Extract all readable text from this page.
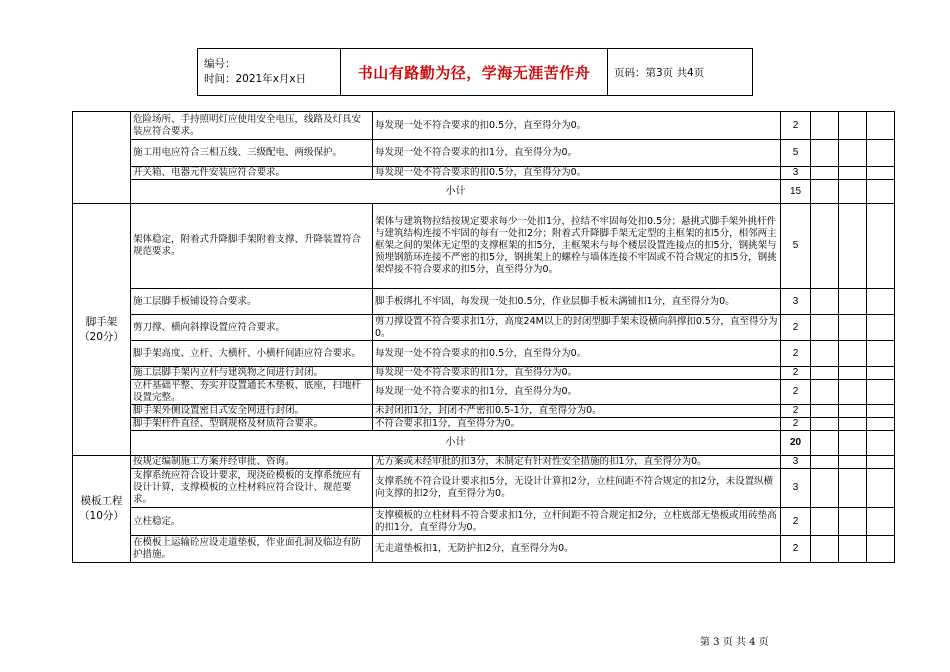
编号：
时间：2021年x月x日	书山有路勤为径，学海无涯苦作舟	页码：第3页 共4页
	危险场所、手持照明灯应使用安全电压，线路及灯具安装应符合要求。	每发现一处不符合要求的扣0.5分，直至得分为0。	2			
	施工用电应符合三相五线、三级配电、两级保护。	每发现一处不符合要求的扣1分，直至得分为0。	5			
	开关箱、电器元件安装应符合要求。	每发现一处不符合要求的扣0.5分，直至得分为0。	3			
	小计		15			
脚手架
（20分）	架体稳定，附着式升降脚手架附着支撑、升降装置符合规范要求。	架体与建筑物拉结按规定要求每少一处扣1分，拉结不牢固每处扣0.5分；悬挑式脚手架外挑杆件与建筑结构连接不牢固的每有一处扣2分；附着式升降脚手架无定型的主框架的扣5分，相邻两主框架之间的架体无定型的支撑框架的扣5分，主框架未与每个楼层设置连接点的扣5分，钢挑架与预埋钢筋环连接不严密的扣5分，钢挑架上的螺栓与墙体连接不牢固或不符合规定的扣5分，钢挑架焊接不符合要求的扣5分，直至得分为0。	5			
	施工层脚手板铺设符合要求。	脚手板绑扎不牢固，每发现一处扣0.5分，作业层脚手板未满铺扣1分，直至得分为0。	3			
	剪刀撑、横向斜撑设置应符合要求。	剪刀撑设置不符合要求扣1分，高度24M以上的封闭型脚手架未设横向斜撑扣0.5分，直至得分为0。	2			
	脚手架高度、立杆、大横杆、小横杆间距应符合要求。	每发现一处不符合要求的扣0.5分，直至得分为0。	2			
	施工层脚手架内立杆与建筑物之间进行封闭。	每发现一处不符合要求的扣1分，直至得分为0。	2			
	立杆基础平整、夯实并设置通长木垫板、底座，扫地杆设置完整。	每发现一处不符合要求的扣1分，直至得分为0。	2			
	脚手架外侧设置密目式安全网进行封闭。	未封闭扣1分，封闭不严密扣0.5-1分，直至得分为0。	2			
	脚手架杆件直径、型钢规格及材质符合要求。	不符合要求扣1分，直至得分为0。	2			
	小计		20			
模板工程
（10分）	按规定编制施工方案并经审批、咨询。	无方案或未经审批的扣3分，未制定有针对性安全措施的扣1分，直至得分为0。	3			
	支撑系统应符合设计要求，现浇砼模板的支撑系统应有设计计算，支撑模板的立柱材料应符合设计、规范要求。	支撑系统不符合设计要求扣5分，无设计计算扣2分，立柱间距不符合规定的扣2分，未设置纵横向支撑的扣2分，直至得分为0。	3			
	立柱稳定。	支撑模板的立柱材料不符合要求扣1分，立杆间距不符合规定扣2分，立柱底部无垫板或用砖垫高的扣1分，直至得分为0。	2			
	在模板上运输砼应设走道垫板，作业面孔洞及临边有防护措施。	无走道垫板扣1，无防护扣2分，直至得分为0。	2			
第 3 页 共 4 页
